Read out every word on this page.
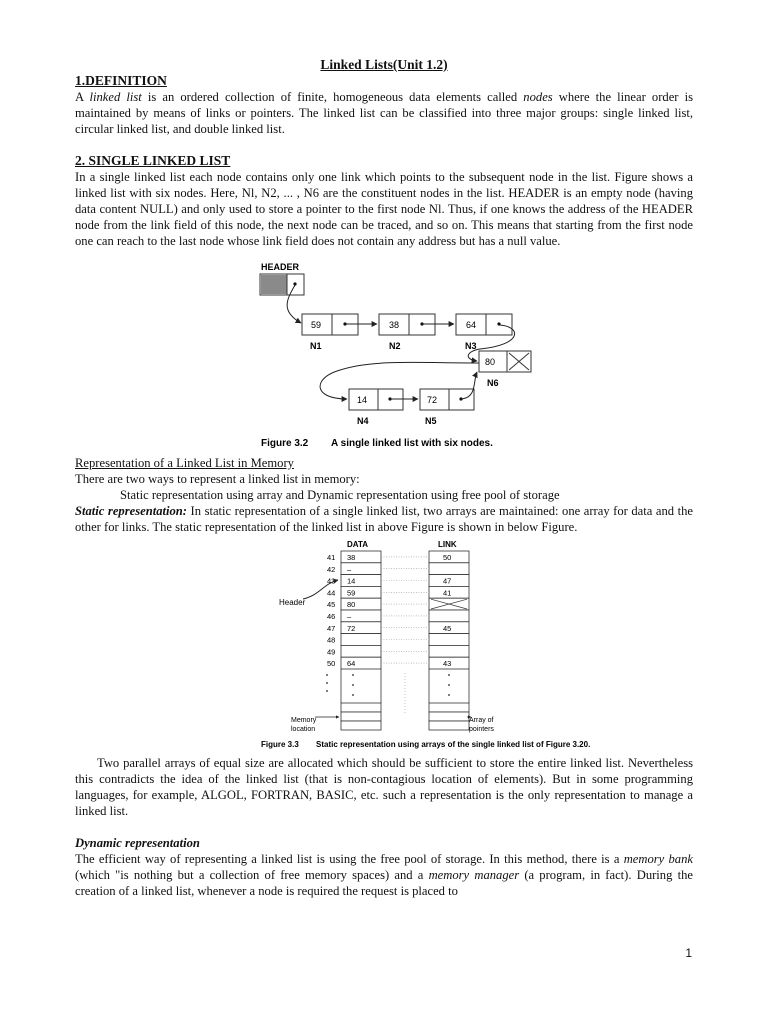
Linked Lists(Unit 1.2)
1.DEFINITION

A linked list is an ordered collection of finite, homogeneous data elements called nodes where the linear order is maintained by means of links or pointers. The linked list can be classified into three major groups: single linked list, circular linked list, and double linked list.

2. SINGLE LINKED LIST

In a single linked list each node contains only one link which points to the subsequent node in the list. Figure shows a linked list with six nodes. Here, Nl, N2, ... , N6 are the constituent nodes in the list. HEADER is an empty node (having data content NULL) and only used to store a pointer to the first node Nl. Thus, if one knows the address of the HEADER node from the link field of this node, the next node can be traced, and so on. This means that starting from the first node one can reach to the last node whose link field does not contain any address but has a null value.

HEADER
59
N1
38
N2
64
N3
80
N6
14
N4
72
N5
Figure 3.2 A single linked list with six nodes.

Representation of a Linked List in Memory

There are two ways to represent a linked list in memory:

Static representation using array and Dynamic representation using free pool of storage

Static representation: In static representation of a single linked list, two arrays are maintained: one array for data and the other for links. The static representation of the linked list in above Figure is shown in below Figure.

DATA	LINK
41 38	50
42 –
43 14	47
44 59	41
45 80
46 –
47 72	45
48
49
50 64	43
Header
Memory
location
Array of
pointers
Figure 3.3 Static representation using arrays of the single linked list of Figure 3.20.

Two parallel arrays of equal size are allocated which should be sufficient to store the entire linked list. Nevertheless this contradicts the idea of the linked list (that is non-contagious location of elements). But in some programming languages, for example, ALGOL, FORTRAN, BASIC, etc. such a representation is the only representation to manage a linked list.

Dynamic representation

The efficient way of representing a linked list is using the free pool of storage. In this method, there is a memory bank (which "is nothing but a collection of free memory spaces) and a memory manager (a program, in fact). During the creation of a linked list, whenever a node is required the request is placed to

1
